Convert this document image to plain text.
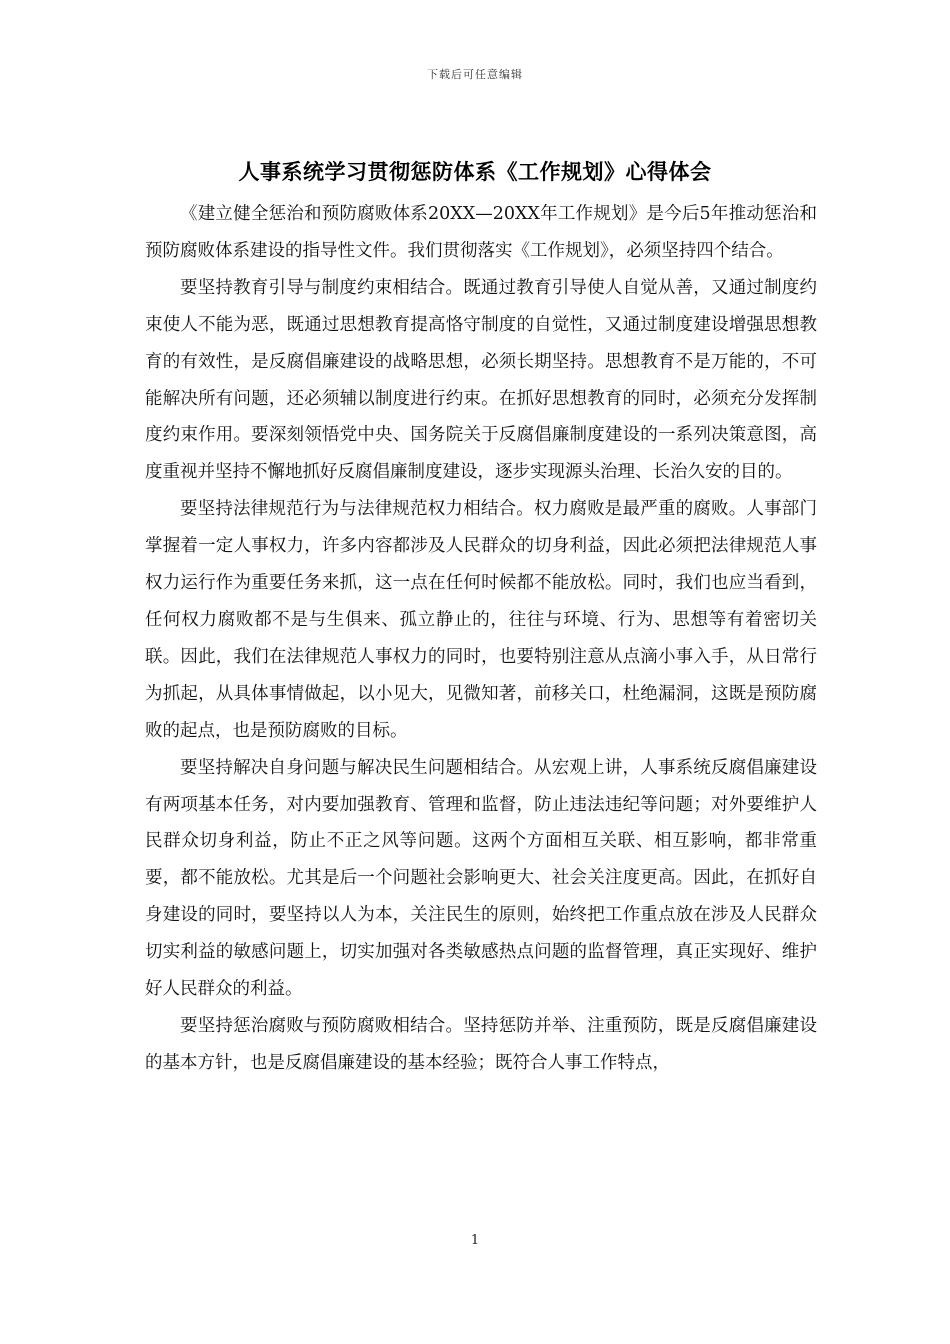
下载后可任意编辑
人事系统学习贯彻惩防体系《工作规划》心得体会

《建立健全惩治和预防腐败体系20XX—20XX年工作规划》是今后5年推动惩治和预防腐败体系建设的指导性文件。我们贯彻落实《工作规划》，必须坚持四个结合。

要坚持教育引导与制度约束相结合。既通过教育引导使人自觉从善，又通过制度约束使人不能为恶，既通过思想教育提高恪守制度的自觉性，又通过制度建设增强思想教育的有效性，是反腐倡廉建设的战略思想，必须长期坚持。思想教育不是万能的，不可能解决所有问题，还必须辅以制度进行约束。在抓好思想教育的同时，必须充分发挥制度约束作用。要深刻领悟党中央、国务院关于反腐倡廉制度建设的一系列决策意图，高度重视并坚持不懈地抓好反腐倡廉制度建设，逐步实现源头治理、长治久安的目的。

要坚持法律规范行为与法律规范权力相结合。权力腐败是最严重的腐败。人事部门掌握着一定人事权力，许多内容都涉及人民群众的切身利益，因此必须把法律规范人事权力运行作为重要任务来抓，这一点在任何时候都不能放松。同时，我们也应当看到，任何权力腐败都不是与生俱来、孤立静止的，往往与环境、行为、思想等有着密切关联。因此，我们在法律规范人事权力的同时，也要特别注意从点滴小事入手，从日常行为抓起，从具体事情做起，以小见大，见微知著，前移关口，杜绝漏洞，这既是预防腐败的起点，也是预防腐败的目标。

要坚持解决自身问题与解决民生问题相结合。从宏观上讲，人事系统反腐倡廉建设有两项基本任务，对内要加强教育、管理和监督，防止违法违纪等问题；对外要维护人民群众切身利益，防止不正之风等问题。这两个方面相互关联、相互影响，都非常重要，都不能放松。尤其是后一个问题社会影响更大、社会关注度更高。因此，在抓好自身建设的同时，要坚持以人为本，关注民生的原则，始终把工作重点放在涉及人民群众切实利益的敏感问题上，切实加强对各类敏感热点问题的监督管理，真正实现好、维护好人民群众的利益。

要坚持惩治腐败与预防腐败相结合。坚持惩防并举、注重预防，既是反腐倡廉建设的基本方针，也是反腐倡廉建设的基本经验；既符合人事工作特点，

1
